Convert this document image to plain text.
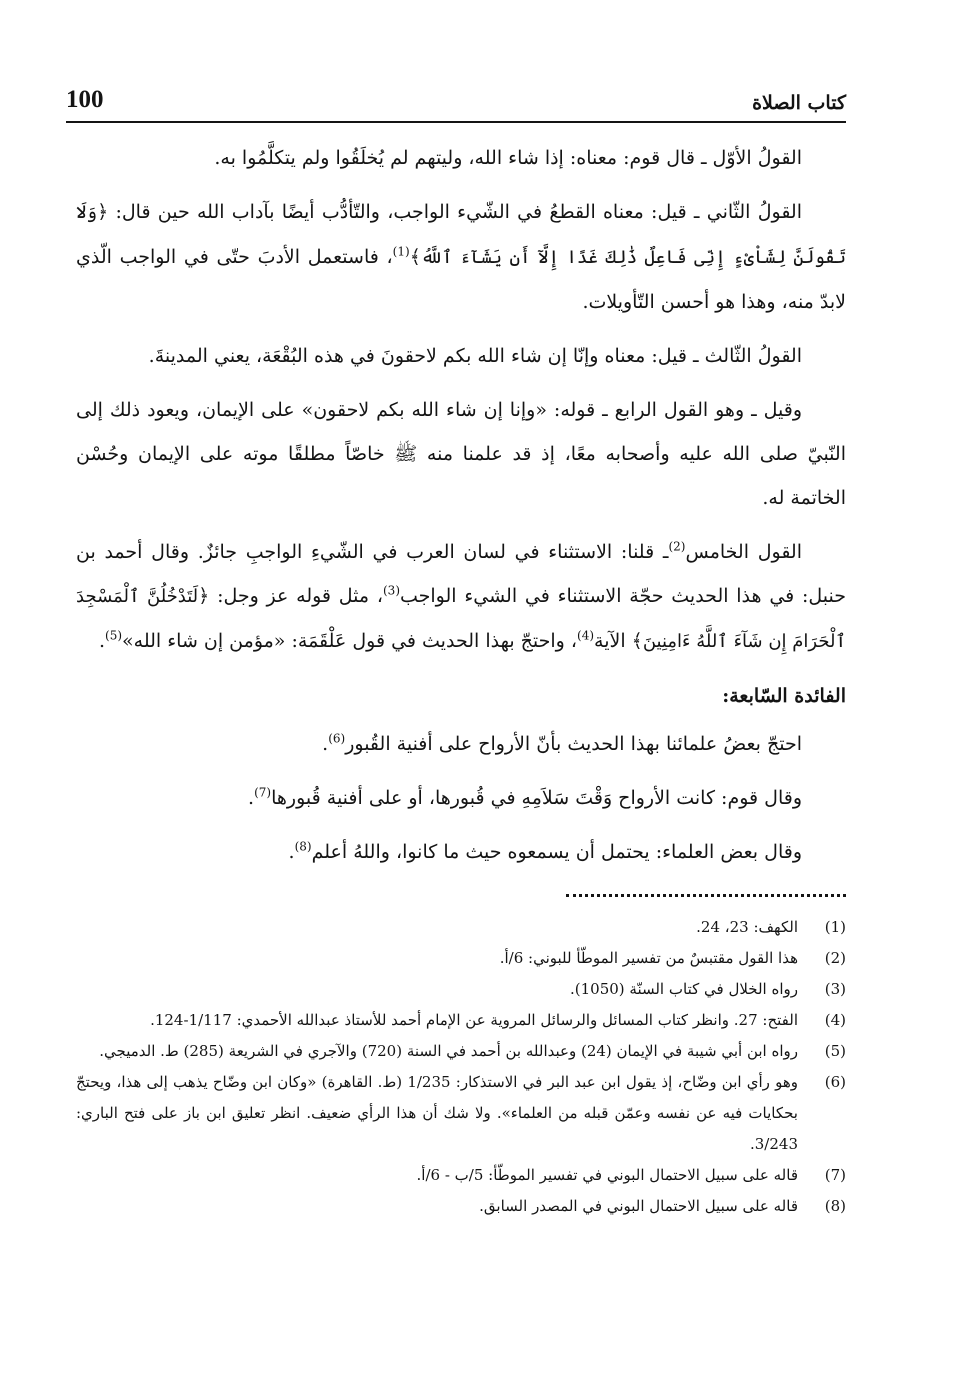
100	كتاب الصلاة

القولُ الأوّل ـ قال قوم: معناه: إذا شاء الله، وليتهم لم يُخلَقُوا ولم يتكلَّمُوا به.

القولُ الثّاني ـ قيل: معناه القطعُ في الشّيء الواجب، والتّأدُّب أيضًا بآداب الله حين قال: ﴿وَلَا تَقُولَنَّ لِشَاْىْءٍ إِنِّى فَاعِلٌ ذَٰلِكَ غَدًا إِلَّآ أَن يَشَآءَ ٱللَّهُ﴾$^{(1)}$، فاستعمل الأدبَ حتّى في الواجب الّذي لابدّ منه، وهذا هو أحسن التّأويلات.

القولُ الثّالث ـ قيل: معناه وإنّا إن شاء الله بكم لاحقونَ في هذه البُقْعَة، يعني المدينةَ.

وقيل ـ وهو القول الرابع ـ قوله: «وإنا إن شاء الله بكم لاحقون» على الإيمان، ويعود ذلك إلى النّبيّ صلى الله عليه وأصحابه معًا، إذ قد علمنا منه ﷺ خاصّاً مطلقًا موته على الإيمان وحُسْن الخاتمة له.

القول الخامس$^{(2)}$ـ قلنا: الاستثناء في لسان العرب في الشّيءِ الواجبِ جائزٌ. وقال أحمد بن حنبل: في هذا الحديث حجّة الاستثناء في الشيء الواجب$^{(3)}$، مثل قوله عز وجل: ﴿لَتَدْخُلُنَّ ٱلْمَسْجِدَ ٱلْحَرَامَ إِن شَآءَ ٱللَّهُ ءَامِنِينَ﴾ الآية$^{(4)}$، واحتجّ بهذا الحديث في قول عَلْقَمَة: «مؤمن إن شاء الله»$^{(5)}$.

الفائدة السّابعة:

احتجّ بعضُ علمائنا بهذا الحديث بأنّ الأرواح على أفنية القُبور$^{(6)}$.

وقال قوم: كانت الأرواح وَقْتَ سَلاَمِهِ في قُبورها، أو على أفنية قُبورها$^{(7)}$.

وقال بعض العلماء: يحتمل أن يسمعوه حيث ما كانوا، واللهُ أعلم$^{(8)}$.

(1)
الكهف: 23، 24.
(2)
هذا القول مقتبسٌ من تفسير الموطّأ للبوني: 6/أ.
(3)
رواه الخلال في كتاب السنّة (1050).
(4)
الفتح: 27. وانظر كتاب المسائل والرسائل المروية عن الإمام أحمد للأستاذ عبدالله الأحمدي: 1/117-124.
(5)
رواه ابن أبي شيبة في الإيمان (24) وعبدالله بن أحمد في السنة (720) والآجري في الشريعة (285) ط. الدميجي.
(6)
وهو رأي ابن وضّاح، إذ يقول ابن عبد البر في الاستذكار: 1/235 (ط. القاهرة) «وكان ابن وضّاح يذهب إلى هذا، ويحتجّ بحكايات فيه عن نفسه وعمّن قبله من العلماء». ولا شك أن هذا الرأي ضعيف. انظر تعليق ابن باز على فتح الباري: 3/243.
(7)
قاله على سبيل الاحتمال البوني في تفسير الموطّأ: 5/ب - 6/أ.
(8)
قاله على سبيل الاحتمال البوني في المصدر السابق.
